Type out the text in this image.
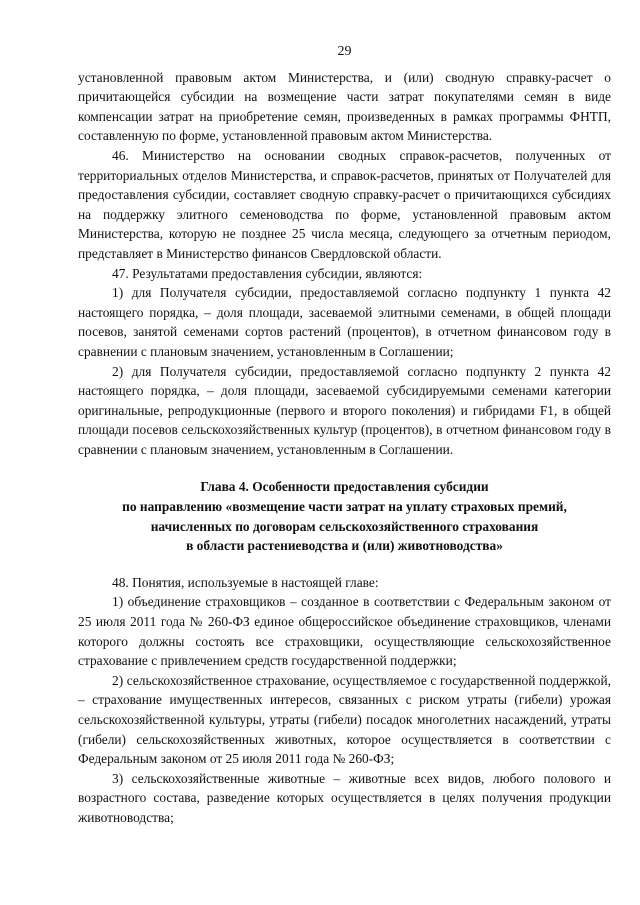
29

установленной правовым актом Министерства, и (или) сводную справку-расчет о причитающейся субсидии на возмещение части затрат покупателями семян в виде компенсации затрат на приобретение семян, произведенных в рамках программы ФНТП, составленную по форме, установленной правовым актом Министерства.

46. Министерство на основании сводных справок-расчетов, полученных от территориальных отделов Министерства, и справок-расчетов, принятых от Получателей для предоставления субсидии, составляет сводную справку-расчет о причитающихся субсидиях на поддержку элитного семеноводства по форме, установленной правовым актом Министерства, которую не позднее 25 числа месяца, следующего за отчетным периодом, представляет в Министерство финансов Свердловской области.

47. Результатами предоставления субсидии, являются:

1) для Получателя субсидии, предоставляемой согласно подпункту 1 пункта 42 настоящего порядка, – доля площади, засеваемой элитными семенами, в общей площади посевов, занятой семенами сортов растений (процентов), в отчетном финансовом году в сравнении с плановым значением, установленным в Соглашении;

2) для Получателя субсидии, предоставляемой согласно подпункту 2 пункта 42 настоящего порядка, – доля площади, засеваемой субсидируемыми семенами категории оригинальные, репродукционные (первого и второго поколения) и гибридами F1, в общей площади посевов сельскохозяйственных культур (процентов), в отчетном финансовом году в сравнении с плановым значением, установленным в Соглашении.

Глава 4. Особенности предоставления субсидии
по направлению «возмещение части затрат на уплату страховых премий,
начисленных по договорам сельскохозяйственного страхования
в области растениеводства и (или) животноводства»

48. Понятия, используемые в настоящей главе:

1) объединение страховщиков – созданное в соответствии с Федеральным законом от 25 июля 2011 года № 260-ФЗ единое общероссийское объединение страховщиков, членами которого должны состоять все страховщики, осуществляющие сельскохозяйственное страхование с привлечением средств государственной поддержки;

2) сельскохозяйственное страхование, осуществляемое с государственной поддержкой, – страхование имущественных интересов, связанных с риском утраты (гибели) урожая сельскохозяйственной культуры, утраты (гибели) посадок многолетних насаждений, утраты (гибели) сельскохозяйственных животных, которое осуществляется в соответствии с Федеральным законом от 25 июля 2011 года № 260-ФЗ;

3) сельскохозяйственные животные – животные всех видов, любого полового и возрастного состава, разведение которых осуществляется в целях получения продукции животноводства;
